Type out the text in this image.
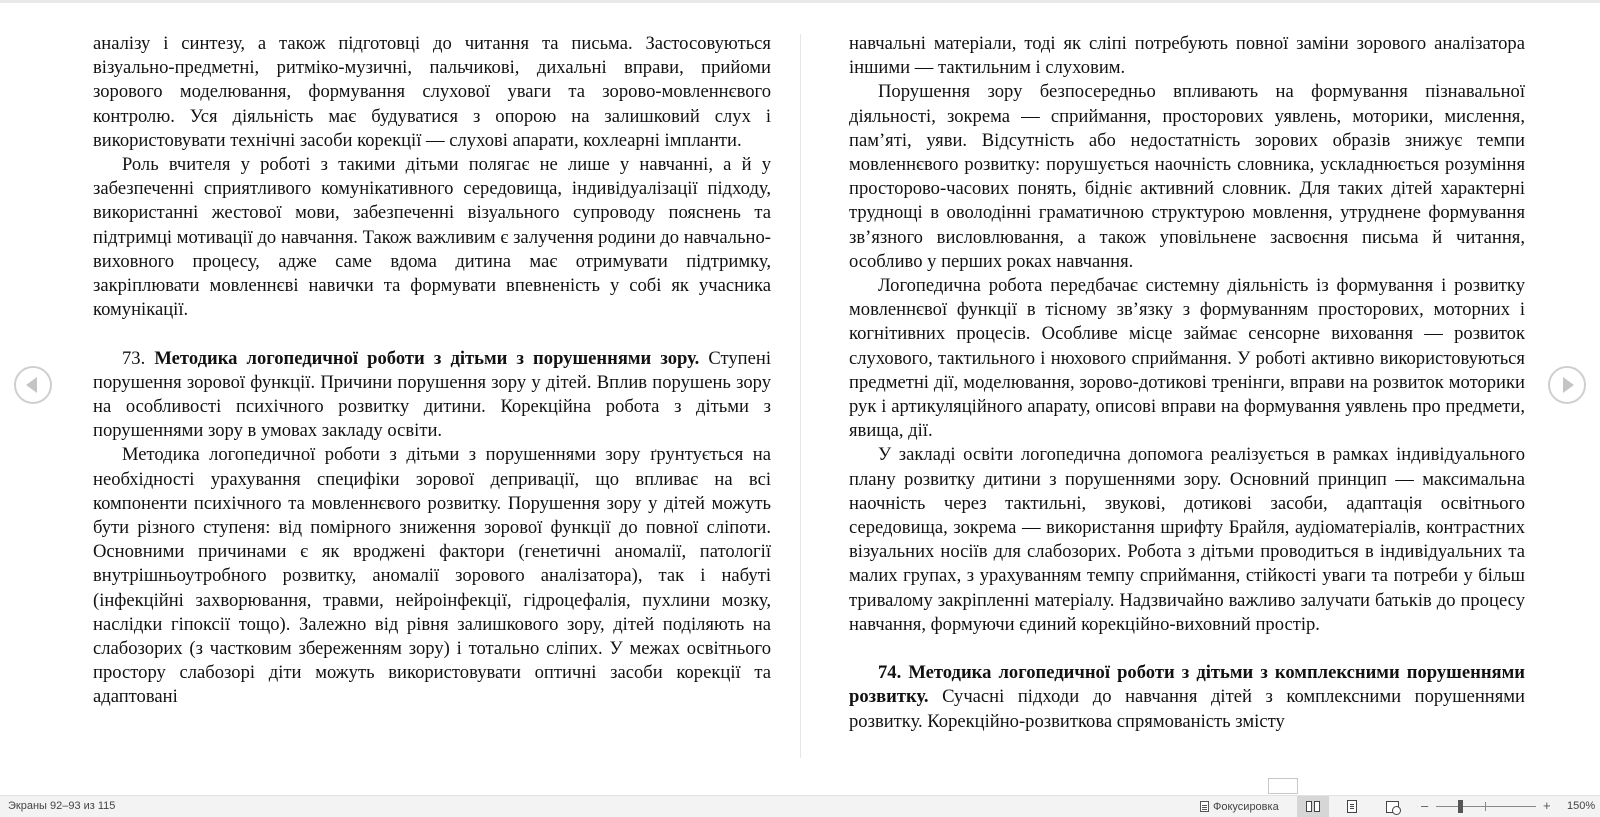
аналізу і синтезу, а також підготовці до читання та письма. Застосовуються візуально-предметні, ритміко-музичні, пальчикові, дихальні вправи, прийоми зорового моделювання, формування слухової уваги та зорово-мовленнєвого контролю. Уся діяльність має будуватися з опорою на залишковий слух і використовувати технічні засоби корекції — слухові апарати, кохлеарні імпланти.

Роль вчителя у роботі з такими дітьми полягає не лише у навчанні, а й у забезпеченні сприятливого комунікативного середовища, індивідуалізації підходу, використанні жестової мови, забезпеченні візуального супроводу пояснень та підтримці мотивації до навчання. Також важливим є залучення родини до навчально-виховного процесу, адже саме вдома дитина має отримувати підтримку, закріплювати мовленнєві навички та формувати впевненість у собі як учасника комунікації.

73. Методика логопедичної роботи з дітьми з порушеннями зору. Ступені порушення зорової функції. Причини порушення зору у дітей. Вплив порушень зору на особливості психічного розвитку дитини. Корекційна робота з дітьми з порушеннями зору в умовах закладу освіти.

Методика логопедичної роботи з дітьми з порушеннями зору ґрунтується на необхідності урахування специфіки зорової депривації, що впливає на всі компоненти психічного та мовленнєвого розвитку. Порушення зору у дітей можуть бути різного ступеня: від помірного зниження зорової функції до повної сліпоти. Основними причинами є як вроджені фактори (генетичні аномалії, патології внутрішньоутробного розвитку, аномалії зорового аналізатора), так і набуті (інфекційні захворювання, травми, нейроінфекції, гідроцефалія, пухлини мозку, наслідки гіпоксії тощо). Залежно від рівня залишкового зору, дітей поділяють на слабозорих (з частковим збереженням зору) і тотально сліпих. У межах освітнього простору слабозорі діти можуть використовувати оптичні засоби корекції та адаптовані

навчальні матеріали, тоді як сліпі потребують повної заміни зорового аналізатора іншими — тактильним і слуховим.

Порушення зору безпосередньо впливають на формування пізнавальної діяльності, зокрема — сприймання, просторових уявлень, моторики, мислення, пам’яті, уяви. Відсутність або недостатність зорових образів знижує темпи мовленнєвого розвитку: порушується наочність словника, ускладнюється розуміння просторово-часових понять, бідніє активний словник. Для таких дітей характерні труднощі в оволодінні граматичною структурою мовлення, утруднене формування зв’язного висловлювання, а також уповільнене засвоєння письма й читання, особливо у перших роках навчання.

Логопедична робота передбачає системну діяльність із формування і розвитку мовленнєвої функції в тісному зв’язку з формуванням просторових, моторних і когнітивних процесів. Особливе місце займає сенсорне виховання — розвиток слухового, тактильного і нюхового сприймання. У роботі активно використовуються предметні дії, моделювання, зорово-дотикові тренінги, вправи на розвиток моторики рук і артикуляційного апарату, описові вправи на формування уявлень про предмети, явища, дії.

У закладі освіти логопедична допомога реалізується в рамках індивідуального плану розвитку дитини з порушеннями зору. Основний принцип — максимальна наочність через тактильні, звукові, дотикові засоби, адаптація освітнього середовища, зокрема — використання шрифту Брайля, аудіоматеріалів, контрастних візуальних носіїв для слабозорих. Робота з дітьми проводиться в індивідуальних та малих групах, з урахуванням темпу сприймання, стійкості уваги та потреби у більш тривалому закріпленні матеріалу. Надзвичайно важливо залучати батьків до процесу навчання, формуючи єдиний корекційно-виховний простір.

74. Методика логопедичної роботи з дітьми з комплексними порушеннями розвитку. Сучасні підходи до навчання дітей з комплексними порушеннями розвитку. Корекційно-розвиткова спрямованість змісту

Экраны 92–93 из 115	Фокусировка	–	+ 150%
